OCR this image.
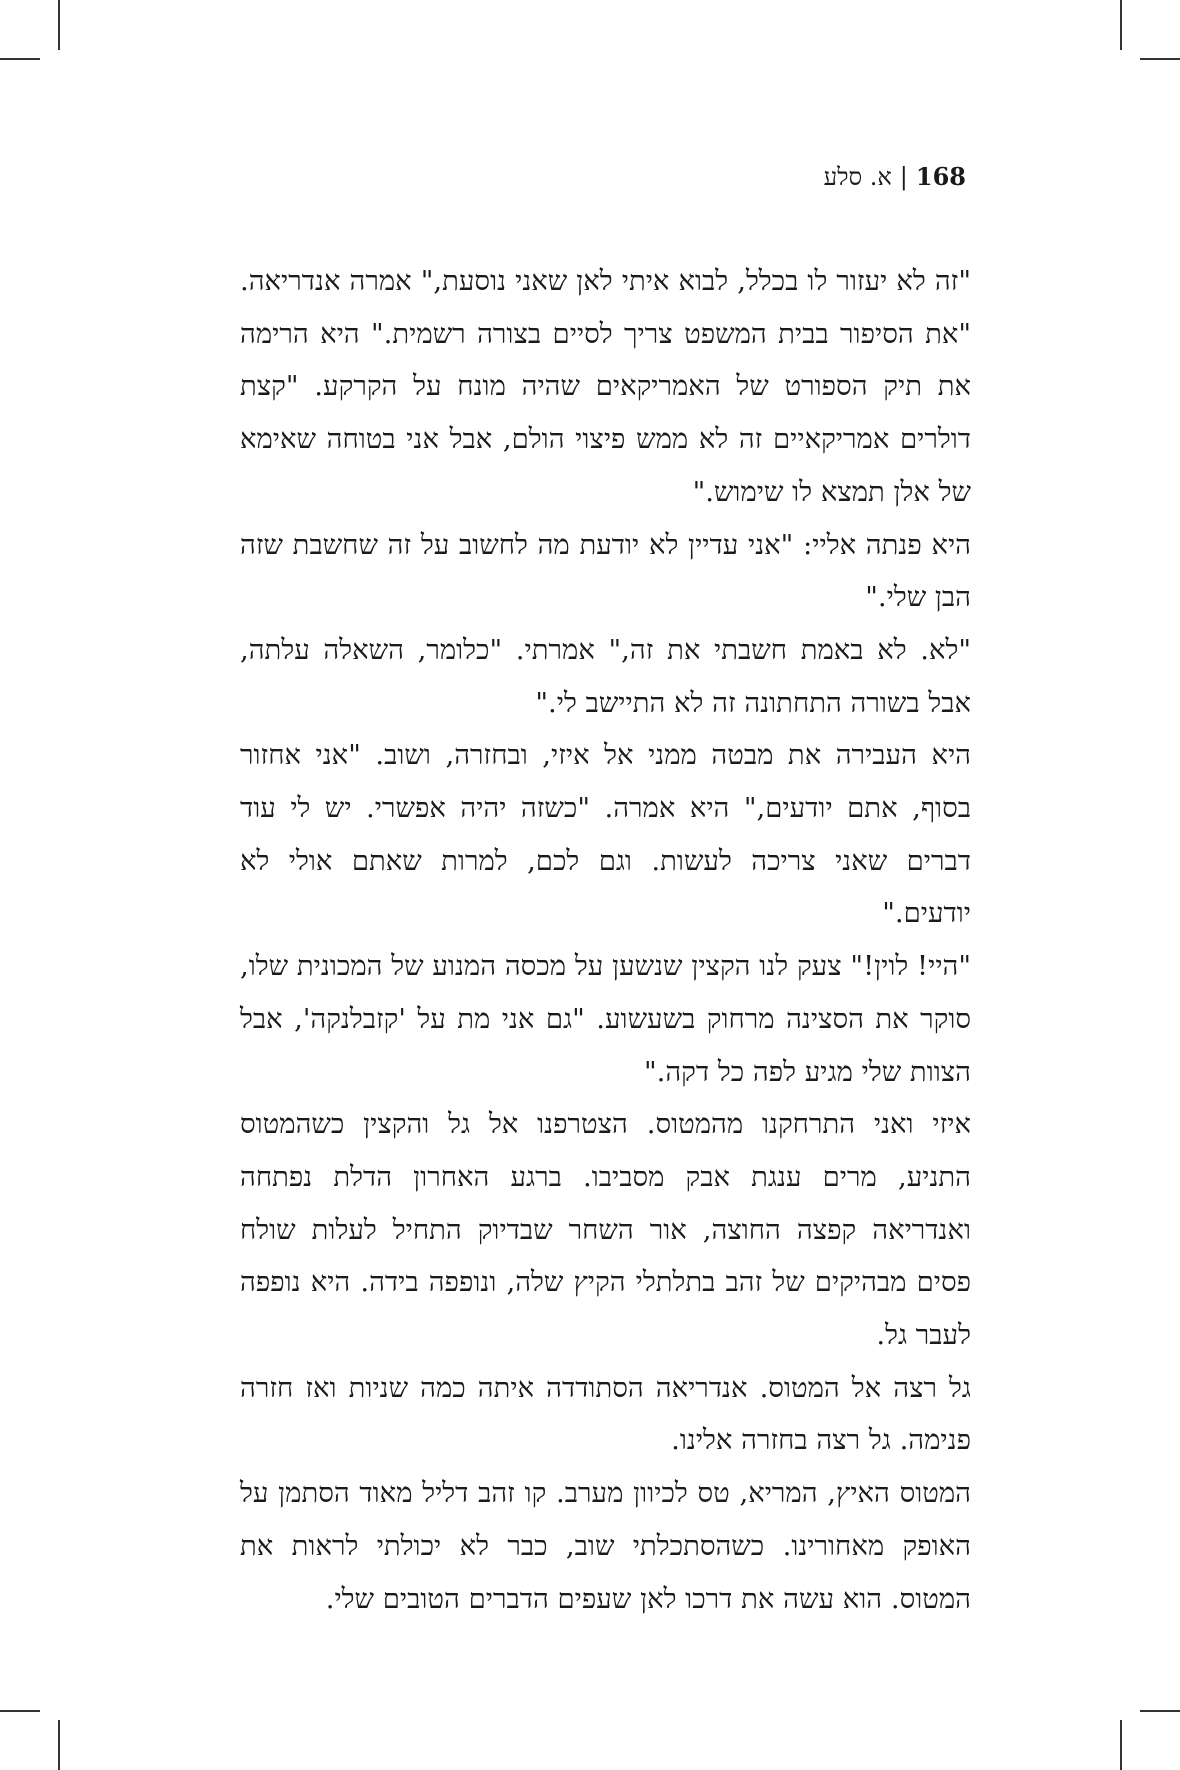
168|א. סלע

"זה לא יעזור לו בכלל, לבוא איתי לאן שאני נוסעת," אמרה אנדריאה. "את הסיפור בבית המשפט צריך לסיים בצורה רשמית." היא הרימה את תיק הספורט של האמריקאים שהיה מונח על הקרקע. "קצת דולרים אמריקאיים זה לא ממש פיצוי הולם, אבל אני בטוחה שאימא של אלן תמצא לו שימוש."

היא פנתה אליי: "אני עדיין לא יודעת מה לחשוב על זה שחשבת שזה הבן שלי."

"לא. לא באמת חשבתי את זה," אמרתי. "כלומר, השאלה עלתה, אבל בשורה התחתונה זה לא התיישב לי."

היא העבירה את מבטה ממני אל איזי, ובחזרה, ושוב. "אני אחזור בסוף, אתם יודעים," היא אמרה. "כשזה יהיה אפשרי. יש לי עוד דברים שאני צריכה לעשות. וגם לכם, למרות שאתם אולי לא יודעים."

"היי! לוין!" צעק לנו הקצין שנשען על מכסה המנוע של המכונית שלו, סוקר את הסצינה מרחוק בשעשוע. "גם אני מת על 'קזבלנקה', אבל הצוות שלי מגיע לפה כל דקה."

איזי ואני התרחקנו מהמטוס. הצטרפנו אל גל והקצין כשהמטוס התניע, מרים ענגת אבק מסביבו. ברגע האחרון הדלת נפתחה ואנדריאה קפצה החוצה, אור השחר שבדיוק התחיל לעלות שולח פסים מבהיקים של זהב בתלתלי הקיץ שלה, ונופפה בידה. היא נופפה לעבר גל.

גל רצה אל המטוס. אנדריאה הסתודדה איתה כמה שניות ואז חזרה פנימה. גל רצה בחזרה אלינו.

המטוס האיץ, המריא, טס לכיוון מערב. קו זהב דליל מאוד הסתמן על האופק מאחורינו. כשהסתכלתי שוב, כבר לא יכולתי לראות את המטוס. הוא עשה את דרכו לאן שעפים הדברים הטובים שלי.
